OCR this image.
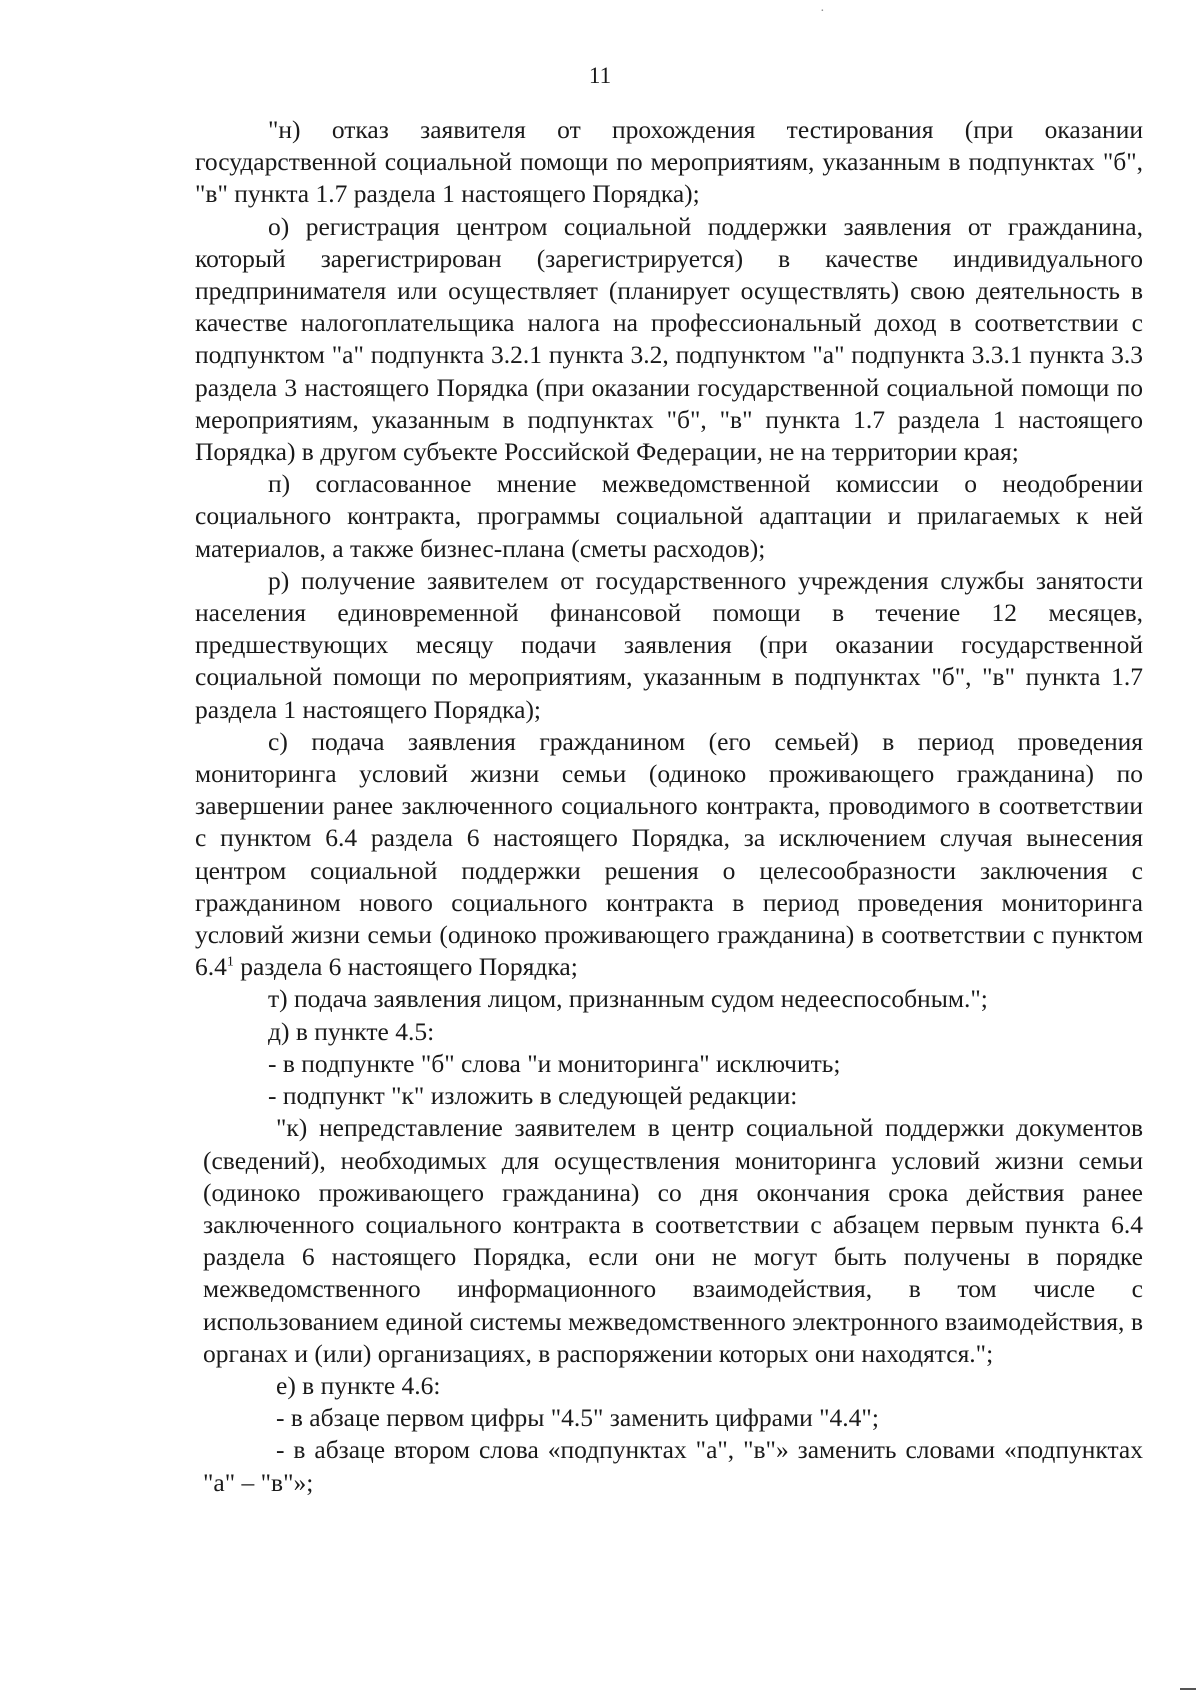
·
11

"н) отказ заявителя от прохождения тестирования (при оказании государственной социальной помощи по мероприятиям, указанным в подпунктах "б", "в" пункта 1.7 раздела 1 настоящего Порядка);

о) регистрация центром социальной поддержки заявления от гражданина, который зарегистрирован (зарегистрируется) в качестве индивидуального предпринимателя или осуществляет (планирует осуществлять) свою деятельность в качестве налогоплательщика налога на профессиональный доход в соответствии с подпунктом "а" подпункта 3.2.1 пункта 3.2, подпунктом "а" подпункта 3.3.1 пункта 3.3 раздела 3 настоящего Порядка (при оказании государственной социальной помощи по мероприятиям, указанным в подпунктах "б", "в" пункта 1.7 раздела 1 настоящего Порядка) в другом субъекте Российской Федерации, не на территории края;

п) согласованное мнение межведомственной комиссии о неодобрении социального контракта, программы социальной адаптации и прилагаемых к ней материалов, а также бизнес-плана (сметы расходов);

р) получение заявителем от государственного учреждения службы занятости населения единовременной финансовой помощи в течение 12 месяцев, предшествующих месяцу подачи заявления (при оказании государственной социальной помощи по мероприятиям, указанным в подпунктах "б", "в" пункта 1.7 раздела 1 настоящего Порядка);

с) подача заявления гражданином (его семьей) в период проведения мониторинга условий жизни семьи (одиноко проживающего гражданина) по завершении ранее заключенного социального контракта, проводимого в соответствии с пунктом 6.4 раздела 6 настоящего Порядка, за исключением случая вынесения центром социальной поддержки решения о целесообразности заключения с гражданином нового социального контракта в период проведения мониторинга условий жизни семьи (одиноко проживающего гражданина) в соответствии с пунктом $6.4^1$ раздела 6 настоящего Порядка;

т) подача заявления лицом, признанным судом недееспособным.";

д) в пункте 4.5:

- в подпункте "б" слова "и мониторинга" исключить;

- подпункт "к" изложить в следующей редакции:

"к) непредставление заявителем в центр социальной поддержки документов (сведений), необходимых для осуществления мониторинга условий жизни семьи (одиноко проживающего гражданина) со дня окончания срока действия ранее заключенного социального контракта в соответствии с абзацем первым пункта 6.4 раздела 6 настоящего Порядка, если они не могут быть получены в порядке межведомственного информационного взаимодействия, в том числе с использованием единой системы межведомственного электронного взаимодействия, в органах и (или) организациях, в распоряжении которых они находятся.";

е) в пункте 4.6:

- в абзаце первом цифры "4.5" заменить цифрами "4.4";

- в абзаце втором слова «подпунктах "а", "в"» заменить словами «подпунктах "а" – "в"»;
